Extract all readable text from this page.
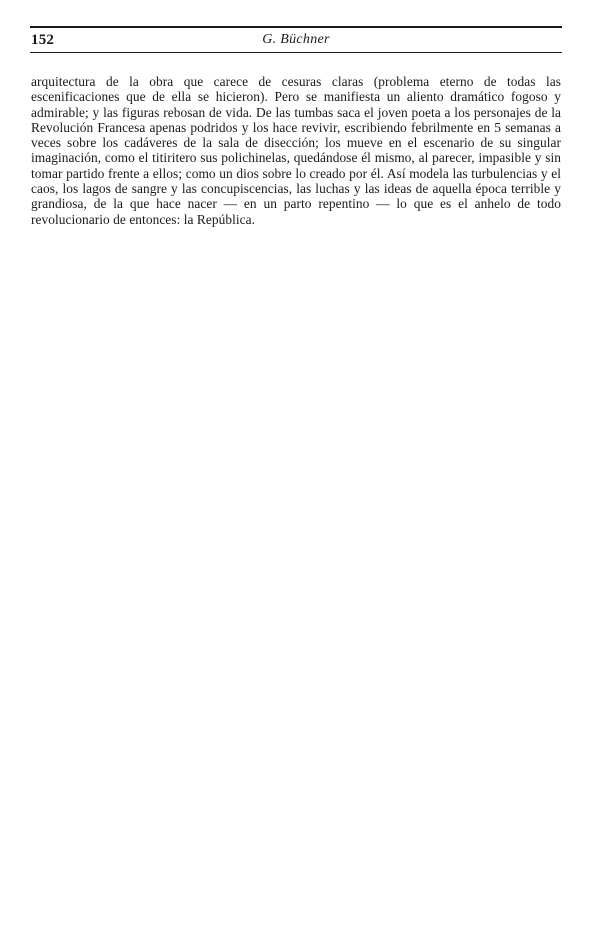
152	G. Büchner

arquitectura de la obra que carece de cesuras claras (problema eterno de todas las escenificaciones que de ella se hicieron). Pero se manifiesta un aliento dramático fogoso y admirable; y las figuras rebosan de vida. De las tumbas saca el joven poeta a los personajes de la Revolución Francesa apenas podridos y los hace revivir, escribiendo febrilmente en 5 semanas a veces sobre los cadáveres de la sala de disección; los mueve en el escenario de su singular imaginación, como el titiritero sus polichinelas, quedándose él mismo, al parecer, impasible y sin tomar partido frente a ellos; como un dios sobre lo creado por él. Así modela las turbulencias y el caos, los lagos de sangre y las concupiscencias, las luchas y las ideas de aquella época terrible y grandiosa, de la que hace nacer — en un parto repentino — lo que es el anhelo de todo revolucionario de entonces: la República.
